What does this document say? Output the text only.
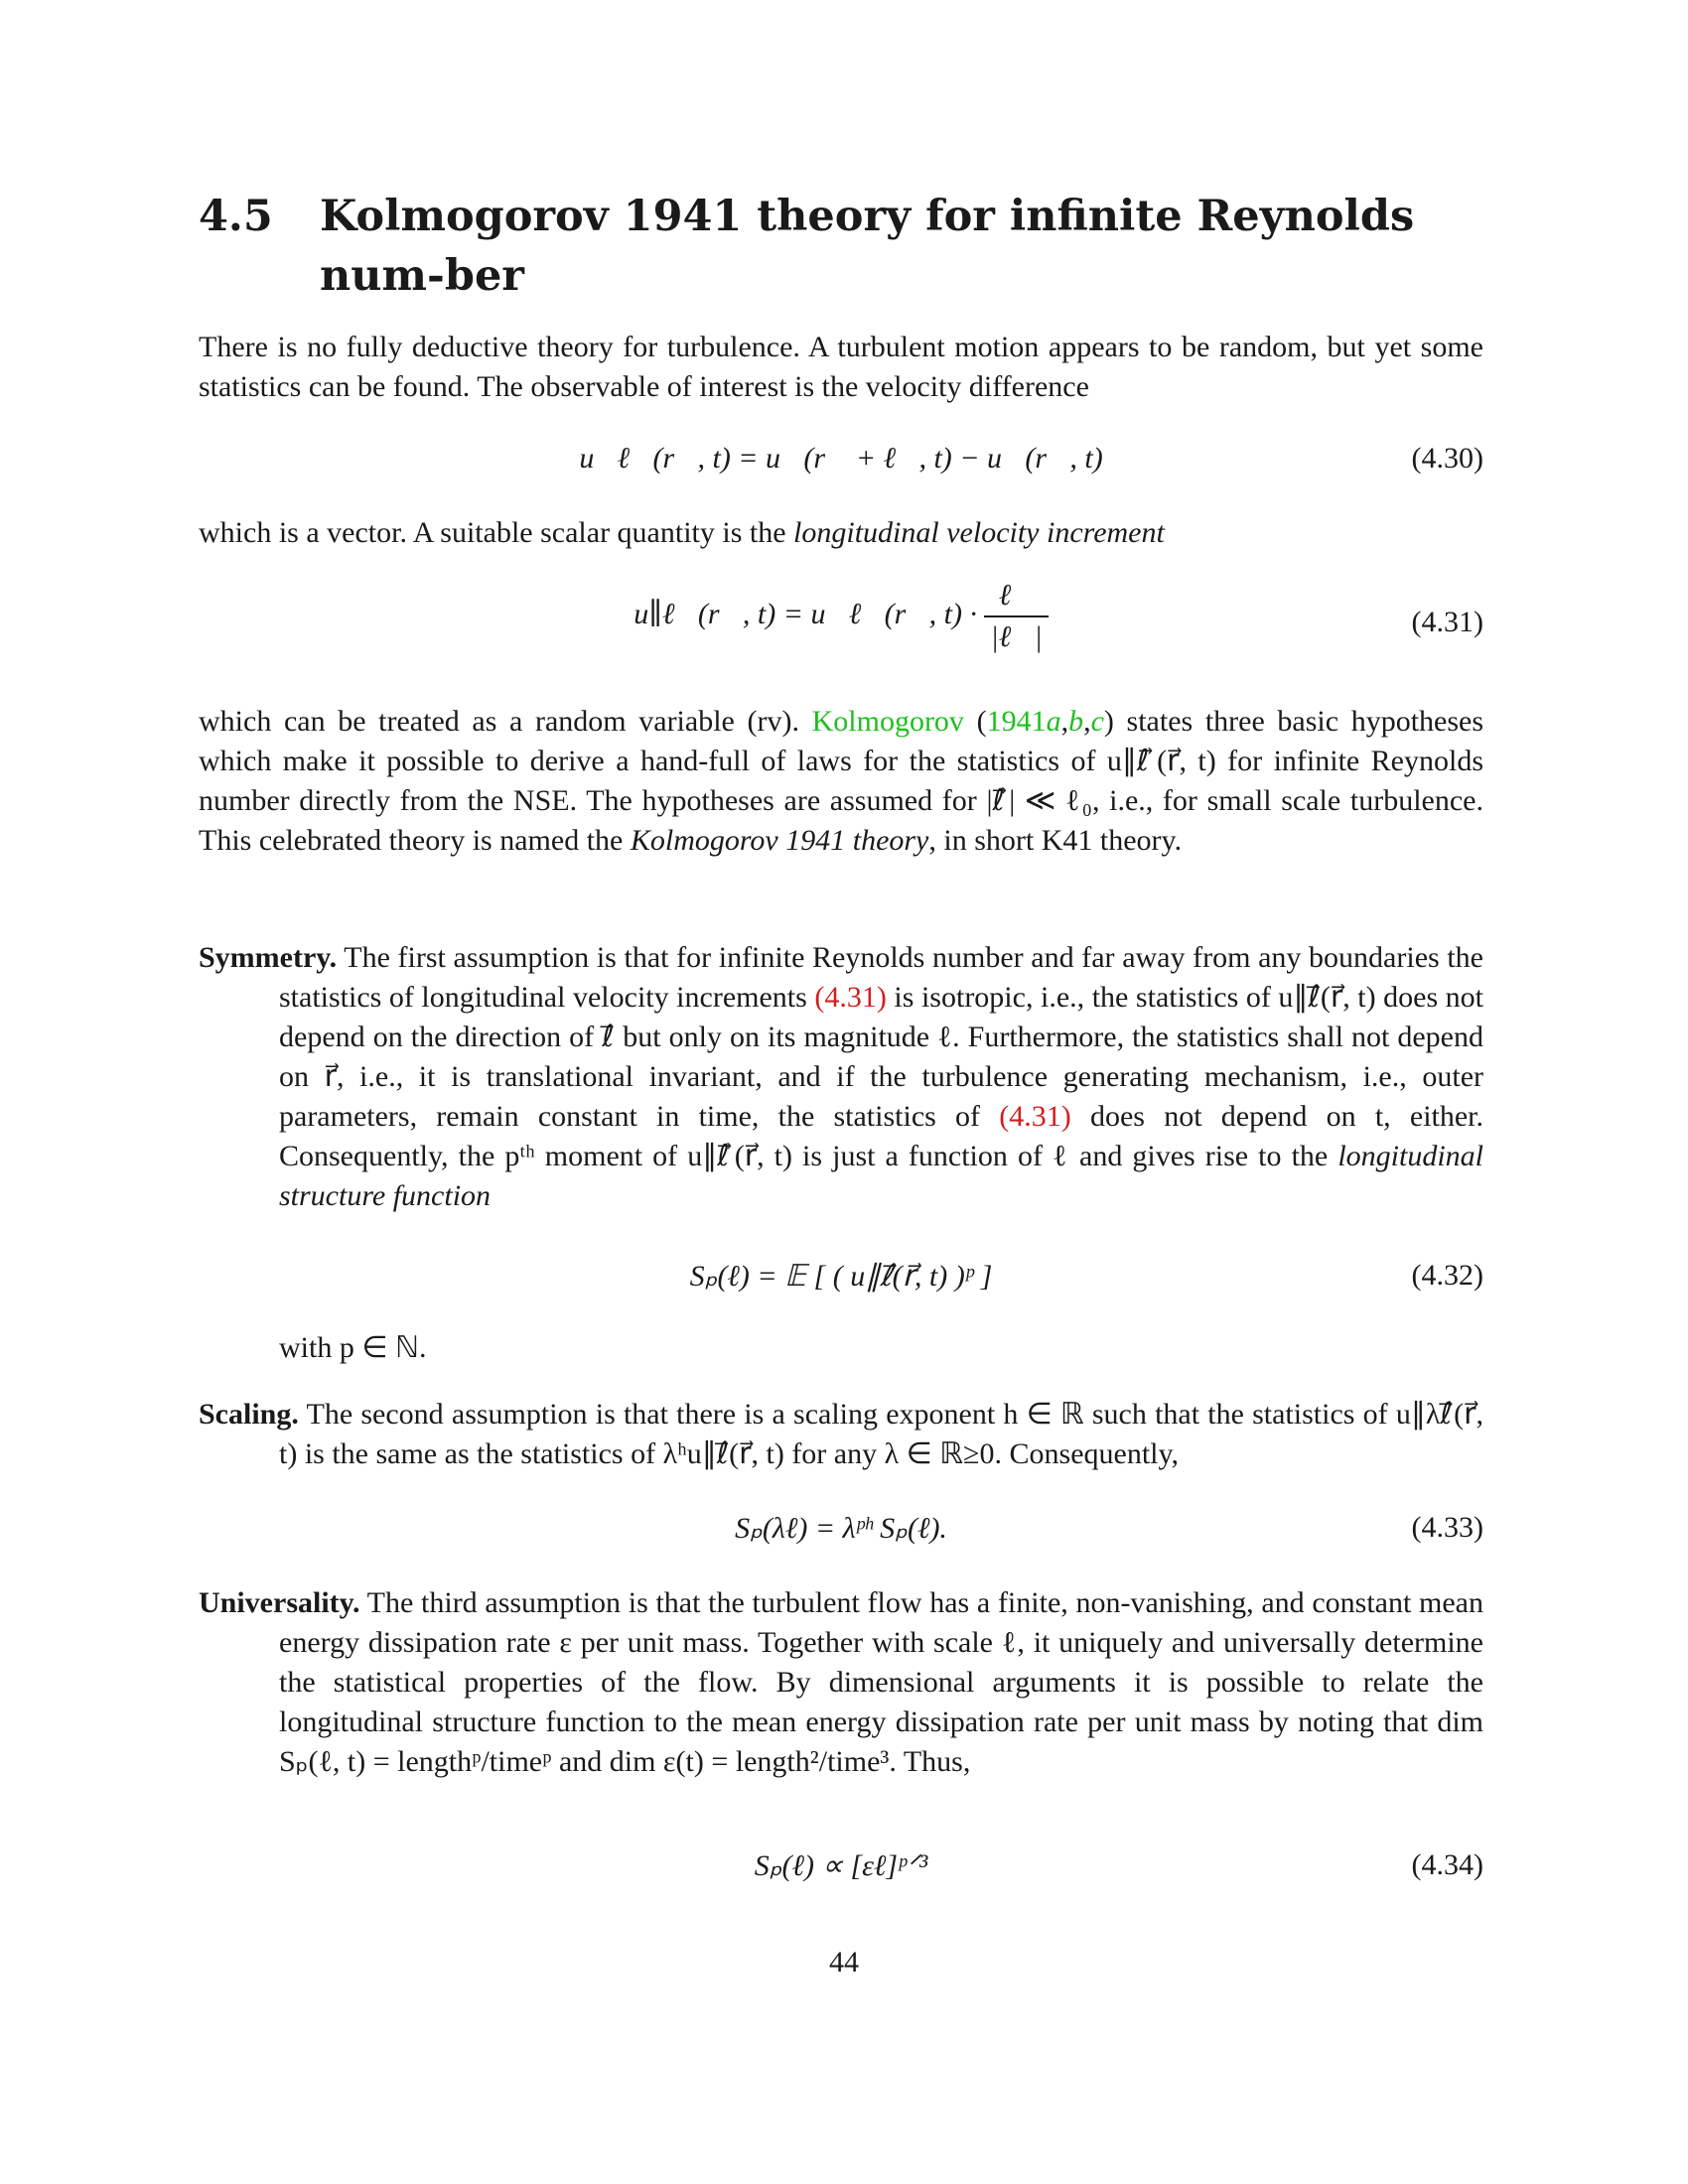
4.5 Kolmogorov 1941 theory for infinite Reynolds num-ber
There is no fully deductive theory for turbulence. A turbulent motion appears to be random, but yet some statistics can be found. The observable of interest is the velocity difference
u⃗ℓ⃗(r⃗, t) = u⃗(r⃗ + ℓ⃗, t) − u⃗(r⃗, t)	(4.30)
which is a vector. A suitable scalar quantity is the longitudinal velocity increment
u∥ℓ⃗(r⃗, t) = u⃗ℓ⃗(r⃗, $t) \cdot \frac{\text{ℓ⃗}}{\text{|ℓ⃗|}}$	(4.31)
which can be treated as a random variable (rv). Kolmogorov (1941a,b,c) states three basic hypotheses which make it possible to derive a hand-full of laws for the statistics of u∥ℓ⃗(r⃗, t) for infinite Reynolds number directly from the NSE. The hypotheses are assumed for |ℓ⃗| ≪ ℓ₀, i.e., for small scale turbulence. This celebrated theory is named the Kolmogorov 1941 theory, in short K41 theory.
Symmetry. The first assumption is that for infinite Reynolds number and far away from any boundaries the statistics of longitudinal velocity increments (4.31) is isotropic, i.e., the statistics of u∥ℓ⃗(r⃗, t) does not depend on the direction of ℓ⃗ but only on its magnitude ℓ. Furthermore, the statistics shall not depend on r⃗, i.e., it is translational invariant, and if the turbulence generating mechanism, i.e., outer parameters, remain constant in time, the statistics of (4.31) does not depend on t, either. Consequently, the pᵗʰ moment of u∥ℓ⃗(r⃗, t) is just a function of ℓ and gives rise to the longitudinal structure function
Sₚ(ℓ) = 𝔼 [ ( u∥ℓ⃗(r⃗, t) )ᵖ ]	(4.32)
with p ∈ ℕ.
Scaling. The second assumption is that there is a scaling exponent h ∈ ℝ such that the statistics of u∥λℓ⃗(r⃗, t) is the same as the statistics of λʰu∥ℓ⃗(r⃗, t) for any λ ∈ ℝ≥0. Consequently,
Sₚ(λℓ) = λᵖʰ Sₚ(ℓ).	(4.33)
Universality. The third assumption is that the turbulent flow has a finite, non-vanishing, and constant mean energy dissipation rate ε per unit mass. Together with scale ℓ, it uniquely and universally determine the statistical properties of the flow. By dimensional arguments it is possible to relate the longitudinal structure function to the mean energy dissipation rate per unit mass by noting that dim Sₚ(ℓ, t) = lengthᵖ/timeᵖ and dim ε(t) = length²/time³. Thus,
Sₚ(ℓ) ∝ [εℓ]ᵖᐟ³	(4.34)
44
